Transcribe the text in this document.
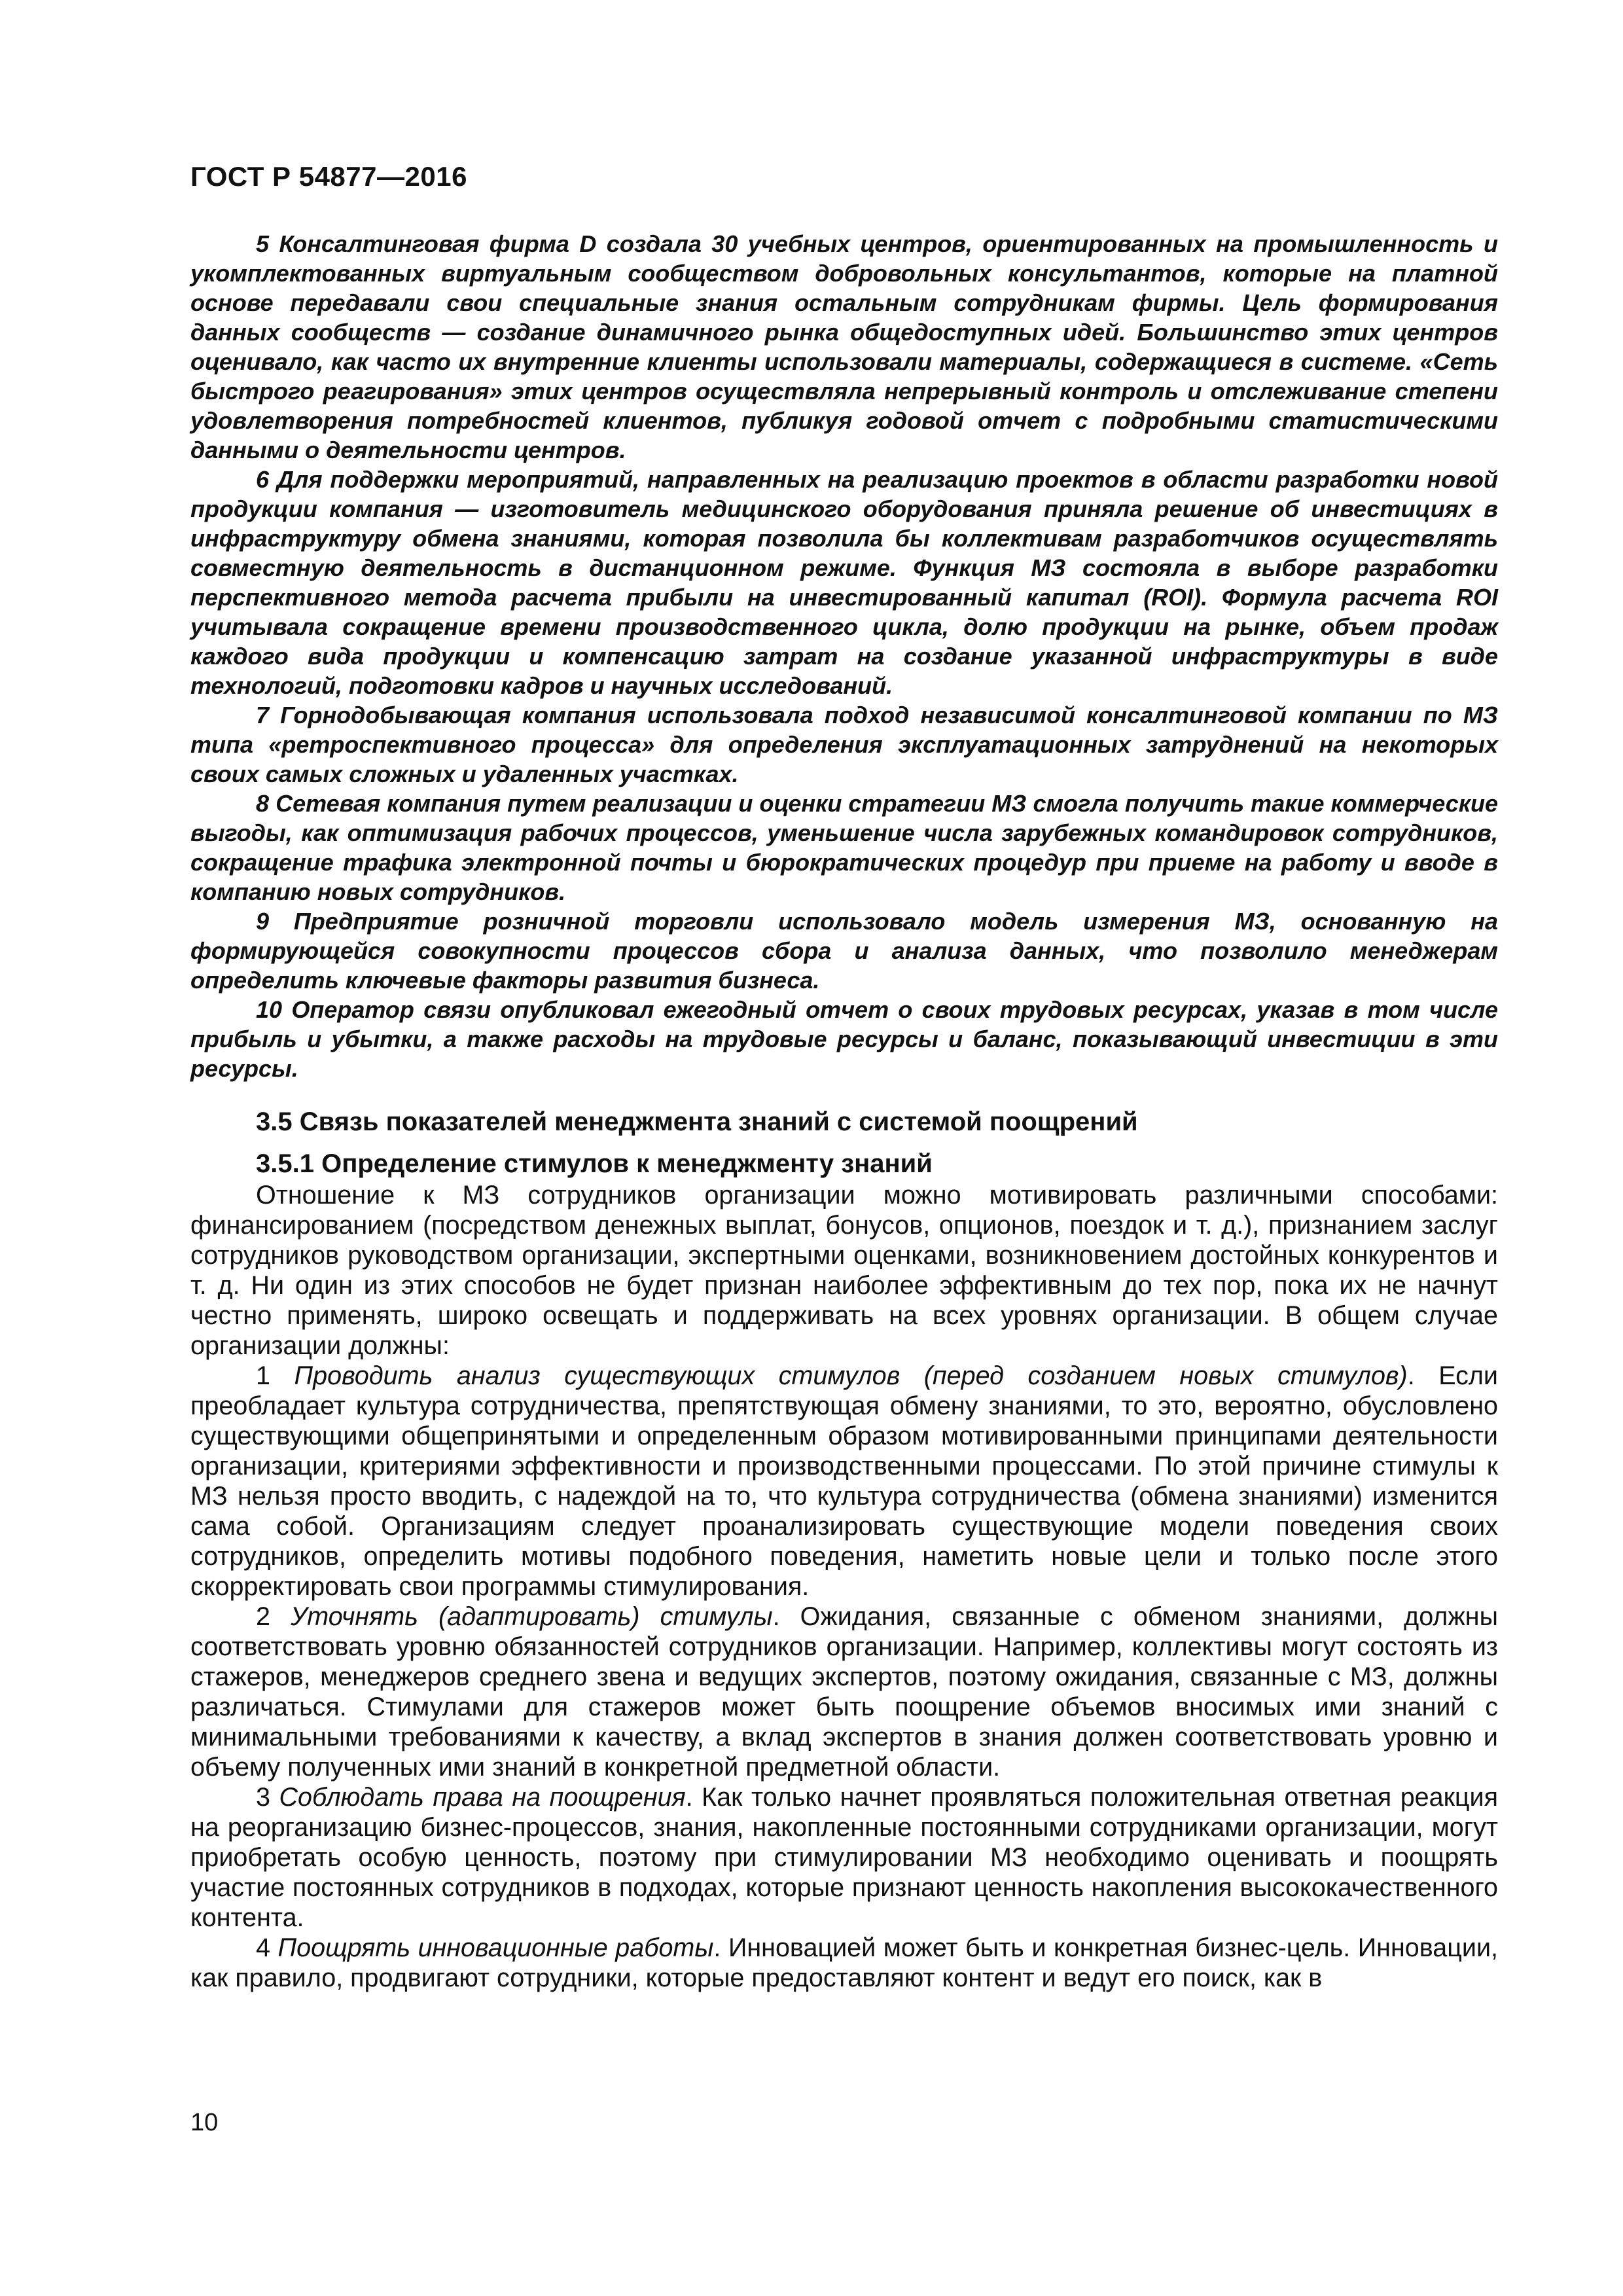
ГОСТ Р 54877—2016

5 Консалтинговая фирма D создала 30 учебных центров, ориентированных на промышленность и укомплектованных виртуальным сообществом добровольных консультантов, которые на платной основе передавали свои специальные знания остальным сотрудникам фирмы. Цель формирования данных сообществ — создание динамичного рынка общедоступных идей. Большинство этих центров оценивало, как часто их внутренние клиенты использовали материалы, содержащиеся в системе. «Сеть быстрого реагирования» этих центров осуществляла непрерывный контроль и отслеживание степени удовлетворения потребностей клиентов, публикуя годовой отчет с подробными статистическими данными о деятельности центров.

6 Для поддержки мероприятий, направленных на реализацию проектов в области разработки новой продукции компания — изготовитель медицинского оборудования приняла решение об инвестициях в инфраструктуру обмена знаниями, которая позволила бы коллективам разработчиков осуществлять совместную деятельность в дистанционном режиме. Функция МЗ состояла в выборе разработки перспективного метода расчета прибыли на инвестированный капитал (ROI). Формула расчета ROI учитывала сокращение времени производственного цикла, долю продукции на рынке, объем продаж каждого вида продукции и компенсацию затрат на создание указанной инфраструктуры в виде технологий, подготовки кадров и научных исследований.

7 Горнодобывающая компания использовала подход независимой консалтинговой компании по МЗ типа «ретроспективного процесса» для определения эксплуатационных затруднений на некоторых своих самых сложных и удаленных участках.

8 Сетевая компания путем реализации и оценки стратегии МЗ смогла получить такие коммерческие выгоды, как оптимизация рабочих процессов, уменьшение числа зарубежных командировок сотрудников, сокращение трафика электронной почты и бюрократических процедур при приеме на работу и вводе в компанию новых сотрудников.

9 Предприятие розничной торговли использовало модель измерения МЗ, основанную на формирующейся совокупности процессов сбора и анализа данных, что позволило менеджерам определить ключевые факторы развития бизнеса.

10 Оператор связи опубликовал ежегодный отчет о своих трудовых ресурсах, указав в том числе прибыль и убытки, а также расходы на трудовые ресурсы и баланс, показывающий инвестиции в эти ресурсы.

3.5 Связь показателей менеджмента знаний с системой поощрений
3.5.1 Определение стимулов к менеджменту знаний

Отношение к МЗ сотрудников организации можно мотивировать различными способами: финансированием (посредством денежных выплат, бонусов, опционов, поездок и т. д.), признанием заслуг сотрудников руководством организации, экспертными оценками, возникновением достойных конкурентов и т. д. Ни один из этих способов не будет признан наиболее эффективным до тех пор, пока их не начнут честно применять, широко освещать и поддерживать на всех уровнях организации. В общем случае организации должны:

1 Проводить анализ существующих стимулов (перед созданием новых стимулов). Если преобладает культура сотрудничества, препятствующая обмену знаниями, то это, вероятно, обусловлено существующими общепринятыми и определенным образом мотивированными принципами деятельности организации, критериями эффективности и производственными процессами. По этой причине стимулы к МЗ нельзя просто вводить, с надеждой на то, что культура сотрудничества (обмена знаниями) изменится сама собой. Организациям следует проанализировать существующие модели поведения своих сотрудников, определить мотивы подобного поведения, наметить новые цели и только после этого скорректировать свои программы стимулирования.

2 Уточнять (адаптировать) стимулы. Ожидания, связанные с обменом знаниями, должны соответствовать уровню обязанностей сотрудников организации. Например, коллективы могут состоять из стажеров, менеджеров среднего звена и ведущих экспертов, поэтому ожидания, связанные с МЗ, должны различаться. Стимулами для стажеров может быть поощрение объемов вносимых ими знаний с минимальными требованиями к качеству, а вклад экспертов в знания должен соответствовать уровню и объему полученных ими знаний в конкретной предметной области.

3 Соблюдать права на поощрения. Как только начнет проявляться положительная ответная реакция на реорганизацию бизнес-процессов, знания, накопленные постоянными сотрудниками организации, могут приобретать особую ценность, поэтому при стимулировании МЗ необходимо оценивать и поощрять участие постоянных сотрудников в подходах, которые признают ценность накопления высококачественного контента.

4 Поощрять инновационные работы. Инновацией может быть и конкретная бизнес-цель. Инновации, как правило, продвигают сотрудники, которые предоставляют контент и ведут его поиск, как в

10
